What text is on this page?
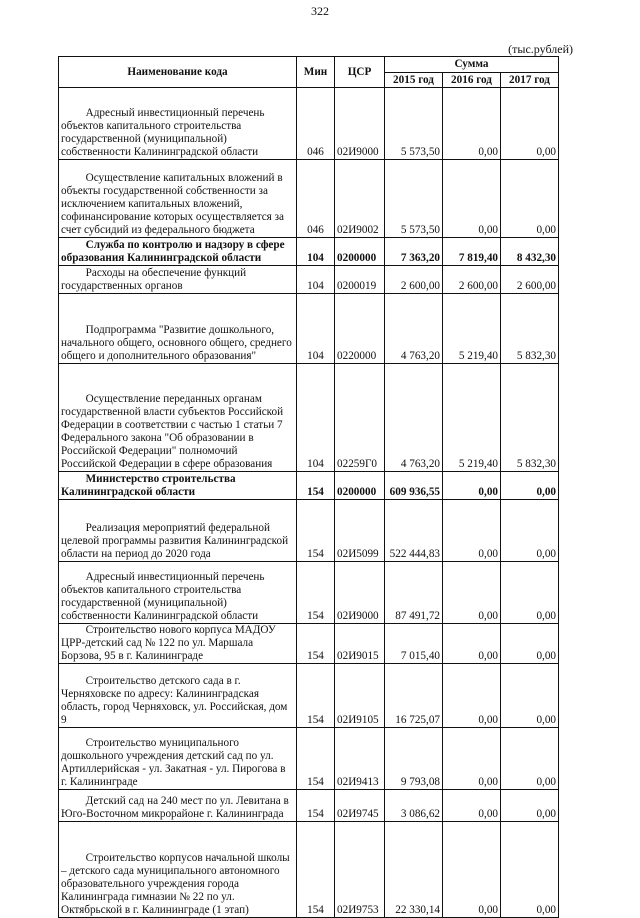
322
(тыс.рублей)
Наименование кода	Мин	ЦСР	Сумма		
			2015 год	2016 год	2017 год
Адресный инвестиционный перечень объектов капитального строительства государственной (муниципальной) собственности Калининградской области	046	02И9000	5 573,50	0,00	0,00
Осуществление капитальных вложений в объекты государственной собственности за исключением капитальных вложений, софинансирование которых осуществляется за счет субсидий из федерального бюджета	046	02И9002	5 573,50	0,00	0,00
Служба по контролю и надзору в сфере образования Калининградской области	104	0200000	7 363,20	7 819,40	8 432,30
Расходы на обеспечение функций государственных органов	104	0200019	2 600,00	2 600,00	2 600,00
Подпрограмма "Развитие дошкольного, начального общего, основного общего, среднего общего и дополнительного образования"	104	0220000	4 763,20	5 219,40	5 832,30
Осуществление переданных органам государственной власти субъектов Российской Федерации в соответствии с частью 1 статьи 7 Федерального закона "Об образовании в Российской Федерации" полномочий Российской Федерации в сфере образования	104	02259Г0	4 763,20	5 219,40	5 832,30
Министерство строительства Калининградской области	154	0200000	609 936,55	0,00	0,00
Реализация мероприятий федеральной целевой программы развития Калининградской области на период до 2020 года	154	02И5099	522 444,83	0,00	0,00
Адресный инвестиционный перечень объектов капитального строительства государственной (муниципальной) собственности Калининградской области	154	02И9000	87 491,72	0,00	0,00
Строительство нового корпуса МАДОУ ЦРР-детский сад № 122 по ул. Маршала Борзова, 95 в г. Калининграде	154	02И9015	7 015,40	0,00	0,00
Строительство детского сада в г. Черняховске по адресу: Калининградская область, город Черняховск, ул. Российская, дом 9	154	02И9105	16 725,07	0,00	0,00
Строительство муниципального дошкольного учреждения детский сад по ул. Артиллерийская - ул. Закатная - ул. Пирогова в г. Калининграде	154	02И9413	9 793,08	0,00	0,00
Детский сад на 240 мест по ул. Левитана в Юго-Восточном микрорайоне г. Калининграда	154	02И9745	3 086,62	0,00	0,00
Строительство корпусов начальной школы – детского сада муниципального автономного образовательного учреждения города Калининграда гимназии № 22 по ул. Октябрьской в г. Калининграде (1 этап)	154	02И9753	22 330,14	0,00	0,00
